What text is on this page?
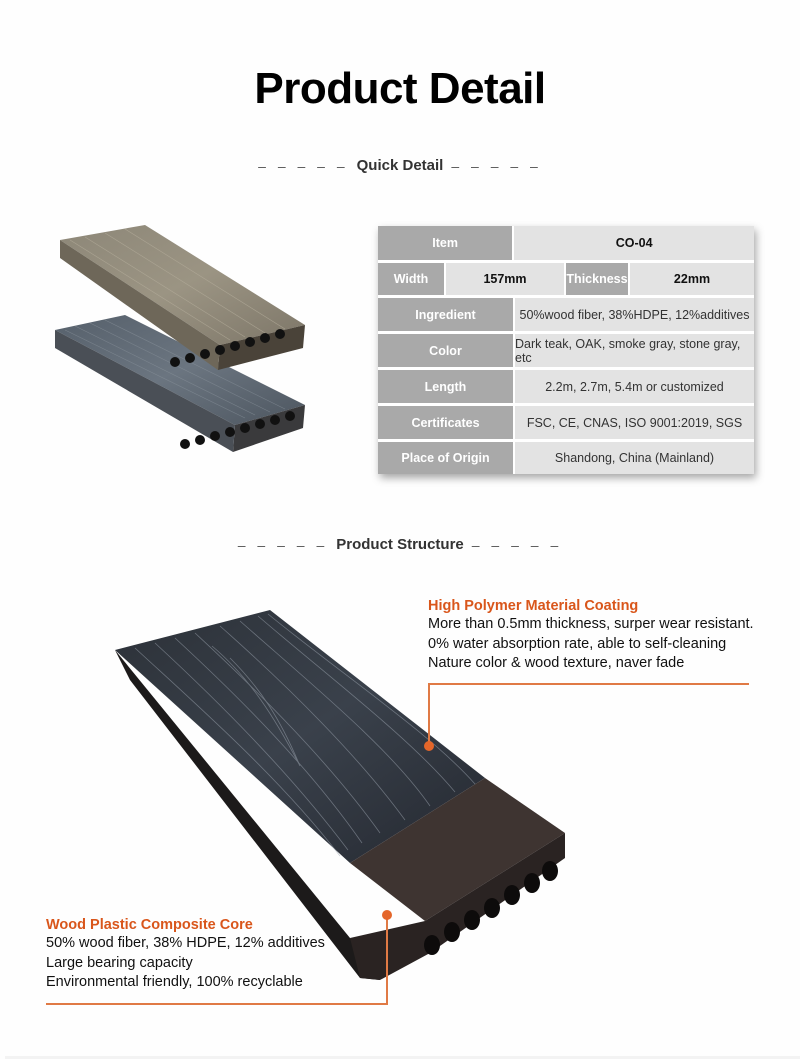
Product Detail
– – – – – Quick Detail – – – – –
Item	CO-04
Width	157mm	Thickness	22mm
Ingredient	50%wood fiber, 38%HDPE, 12%additives
Color	Dark teak, OAK, smoke gray, stone gray, etc
Length	2.2m, 2.7m, 5.4m or customized
Certificates	FSC, CE, CNAS, ISO 9001:2019, SGS
Place of Origin	Shandong, China (Mainland)
– – – – – Product Structure – – – – –
High Polymer Material Coating
More than 0.5mm thickness, surper wear resistant.
0% water absorption rate, able to self-cleaning
Nature color & wood texture, naver fade
Wood Plastic Composite Core
50% wood fiber, 38% HDPE, 12% additives
Large bearing capacity
Environmental friendly, 100% recyclable
